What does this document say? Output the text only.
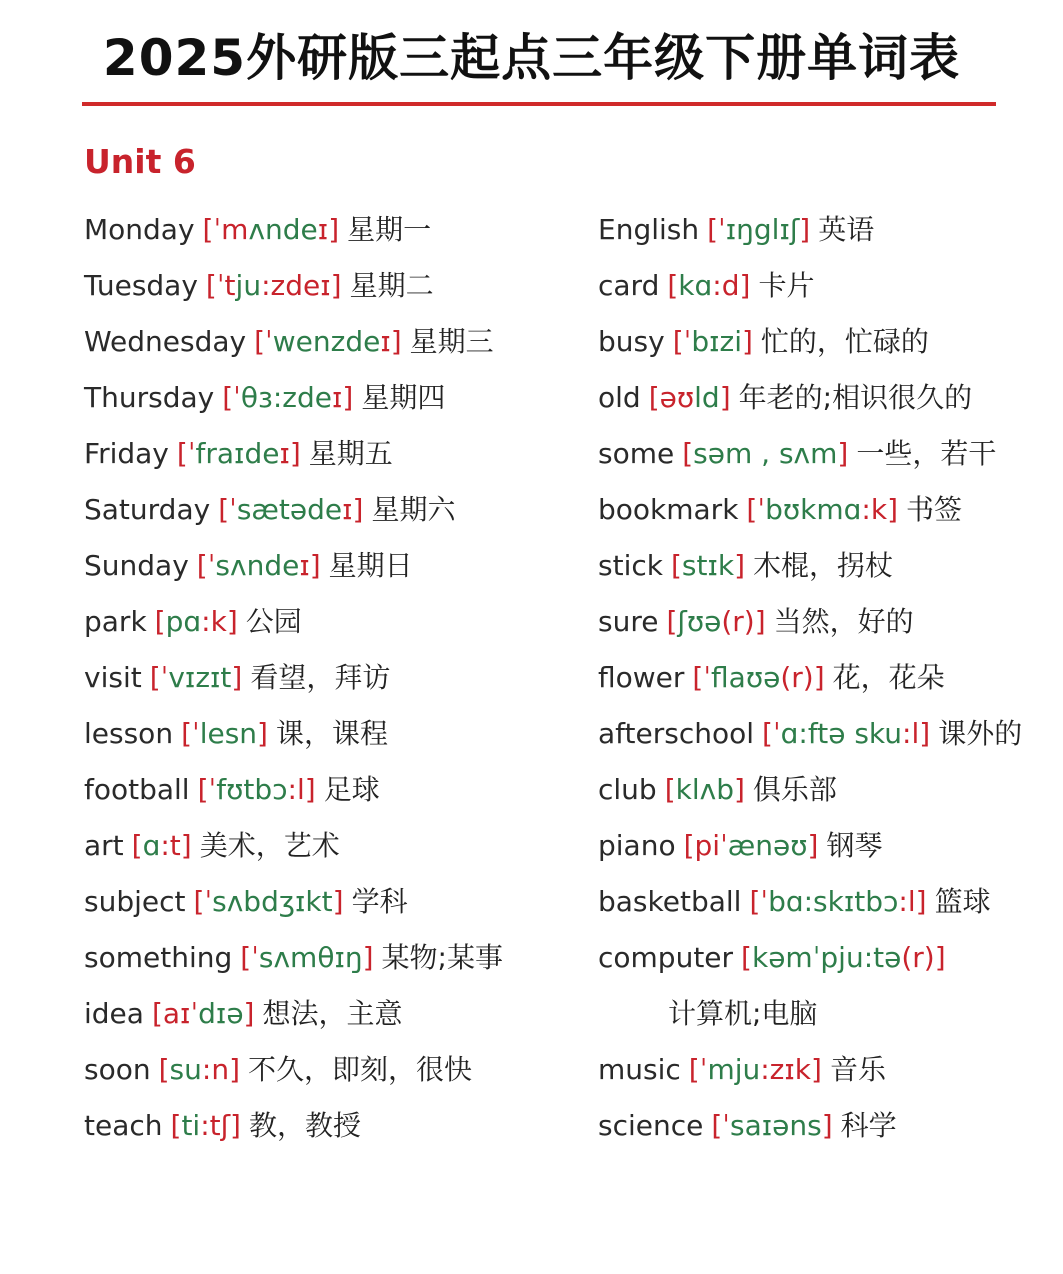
2025外研版三起点三年级下册单词表
Unit 6
Monday [ˈmʌndeɪ] 星期一
Tuesday [ˈtju:zdeɪ] 星期二
Wednesday [ˈwenzdeɪ] 星期三
Thursday [ˈθɜ:zdeɪ] 星期四
Friday [ˈfraɪdeɪ] 星期五
Saturday [ˈsætədeɪ] 星期六
Sunday [ˈsʌndeɪ] 星期日
park [pɑ:k] 公园
visit [ˈvɪzɪt] 看望，拜访
lesson [ˈlesn] 课，课程
football [ˈfʊtbɔ:l] 足球
art [ɑ:t] 美术，艺术
subject [ˈsʌbdʒɪkt] 学科
something [ˈsʌmθɪŋ] 某物;某事
idea [aɪˈdɪə] 想法，主意
soon [su:n] 不久，即刻，很快
teach [ti:tʃ] 教，教授
English [ˈɪŋglɪʃ] 英语
card [kɑ:d] 卡片
busy [ˈbɪzi] 忙的，忙碌的
old [əʊld] 年老的;相识很久的
some [səm , sʌm] 一些，若干
bookmark [ˈbʊkmɑ:k] 书签
stick [stɪk] 木棍，拐杖
sure [ʃʊə(r)] 当然，好的
flower [ˈflaʊə(r)] 花，花朵
afterschool [ˈɑ:ftə sku:l] 课外的
club [klʌb] 俱乐部
piano [piˈænəʊ] 钢琴
basketball [ˈbɑ:skɪtbɔ:l] 篮球
computer [kəmˈpju:tə(r)]
计算机;电脑
music [ˈmju:zɪk] 音乐
science [ˈsaɪəns] 科学
